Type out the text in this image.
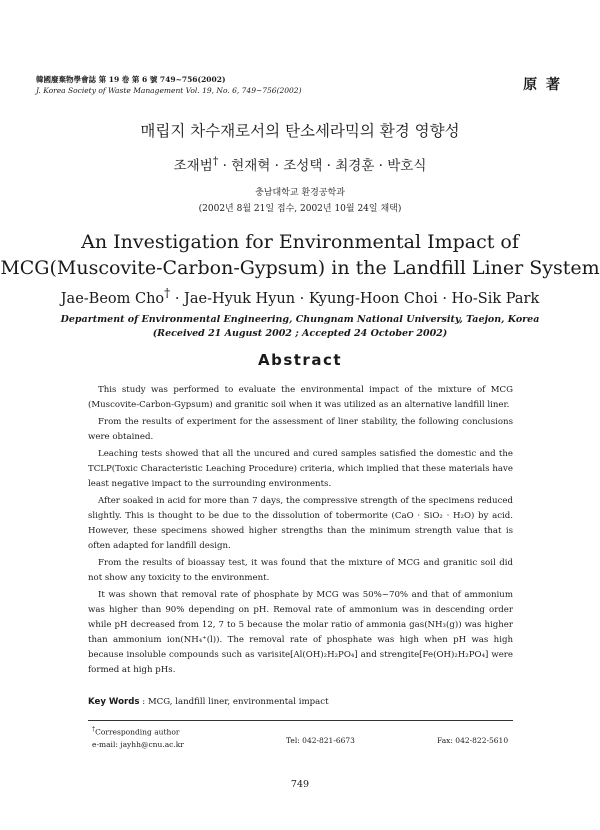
韓國廢棄物學會誌 第 19 卷 第 6 號 749~756(2002)
J. Korea Society of Waste Management Vol. 19, No. 6, 749~756(2002)	原 著
매립지 차수재로서의 탄소세라믹의 환경 영향성
조재범† · 현재혁 · 조성택 · 최경훈 · 박호식
충남대학교 환경공학과
(2002년 8월 21일 접수, 2002년 10월 24일 채택)
An Investigation for Environmental Impact of
MCG(Muscovite-Carbon-Gypsum) in the Landfill Liner System
Jae-Beom Cho† · Jae-Hyuk Hyun · Kyung-Hoon Choi · Ho-Sik Park
Department of Environmental Engineering, Chungnam National University, Taejon, Korea
(Received 21 August 2002 ; Accepted 24 October 2002)
Abstract

This study was performed to evaluate the environmental impact of the mixture of MCG (Muscovite-Carbon-Gypsum) and granitic soil when it was utilized as an alternative landfill liner.

From the results of experiment for the assessment of liner stability, the following conclusions were obtained.

Leaching tests showed that all the uncured and cured samples satisfied the domestic and the TCLP(Toxic Characteristic Leaching Procedure) criteria, which implied that these materials have least negative impact to the surrounding environments.

After soaked in acid for more than 7 days, the compressive strength of the specimens reduced slightly. This is thought to be due to the dissolution of tobermorite (CaO · SiO₂ · H₂O) by acid. However, these specimens showed higher strengths than the minimum strength value that is often adapted for landfill design.

From the results of bioassay test, it was found that the mixture of MCG and granitic soil did not show any toxicity to the environment.

It was shown that removal rate of phosphate by MCG was 50%~70% and that of ammonium was higher than 90% depending on pH. Removal rate of ammonium was in descending order while pH decreased from 12, 7 to 5 because the molar ratio of ammonia gas(NH₃(g)) was higher than ammonium ion(NH₄⁺(l)). The removal rate of phosphate was high when pH was high because insoluble compounds such as varisite[Al(OH)₂H₂PO₄] and strengite[Fe(OH)₂H₂PO₄] were formed at high pHs.

Key Words : MCG, landfill liner, environmental impact
†Corresponding author
e-mail: jayhh@cnu.ac.kr	Tel: 042-821-6673	Fax: 042-822-5610
749
